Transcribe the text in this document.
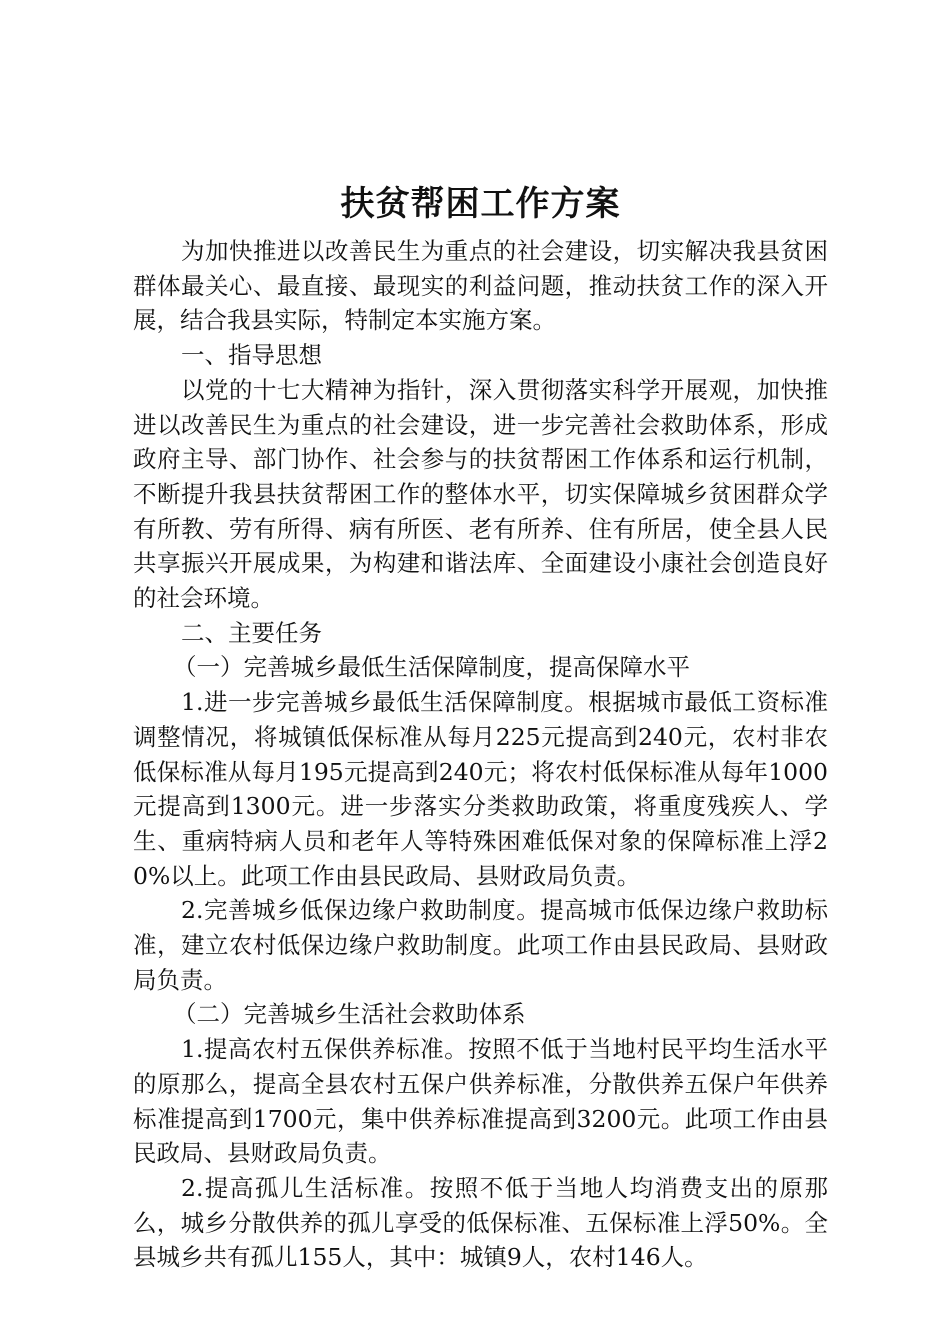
扶贫帮困工作方案

为加快推进以改善民生为重点的社会建设，切实解决我县贫困群体最关心、最直接、最现实的利益问题，推动扶贫工作的深入开展，结合我县实际，特制定本实施方案。

一、指导思想

以党的十七大精神为指针，深入贯彻落实科学开展观，加快推进以改善民生为重点的社会建设，进一步完善社会救助体系，形成政府主导、部门协作、社会参与的扶贫帮困工作体系和运行机制，不断提升我县扶贫帮困工作的整体水平，切实保障城乡贫困群众学有所教、劳有所得、病有所医、老有所养、住有所居，使全县人民共享振兴开展成果，为构建和谐法库、全面建设小康社会创造良好的社会环境。

二、主要任务

（一）完善城乡最低生活保障制度，提高保障水平

1.进一步完善城乡最低生活保障制度。根据城市最低工资标准调整情况，将城镇低保标准从每月225元提高到240元，农村非农低保标准从每月195元提高到240元；将农村低保标准从每年1000元提高到1300元。进一步落实分类救助政策，将重度残疾人、学生、重病特病人员和老年人等特殊困难低保对象的保障标准上浮20%以上。此项工作由县民政局、县财政局负责。

2.完善城乡低保边缘户救助制度。提高城市低保边缘户救助标准，建立农村低保边缘户救助制度。此项工作由县民政局、县财政局负责。

（二）完善城乡生活社会救助体系

1.提高农村五保供养标准。按照不低于当地村民平均生活水平的原那么，提高全县农村五保户供养标准，分散供养五保户年供养标准提高到1700元，集中供养标准提高到3200元。此项工作由县民政局、县财政局负责。

2.提高孤儿生活标准。按照不低于当地人均消费支出的原那么，城乡分散供养的孤儿享受的低保标准、五保标准上浮50%。全县城乡共有孤儿155人，其中：城镇9人，农村146人。
